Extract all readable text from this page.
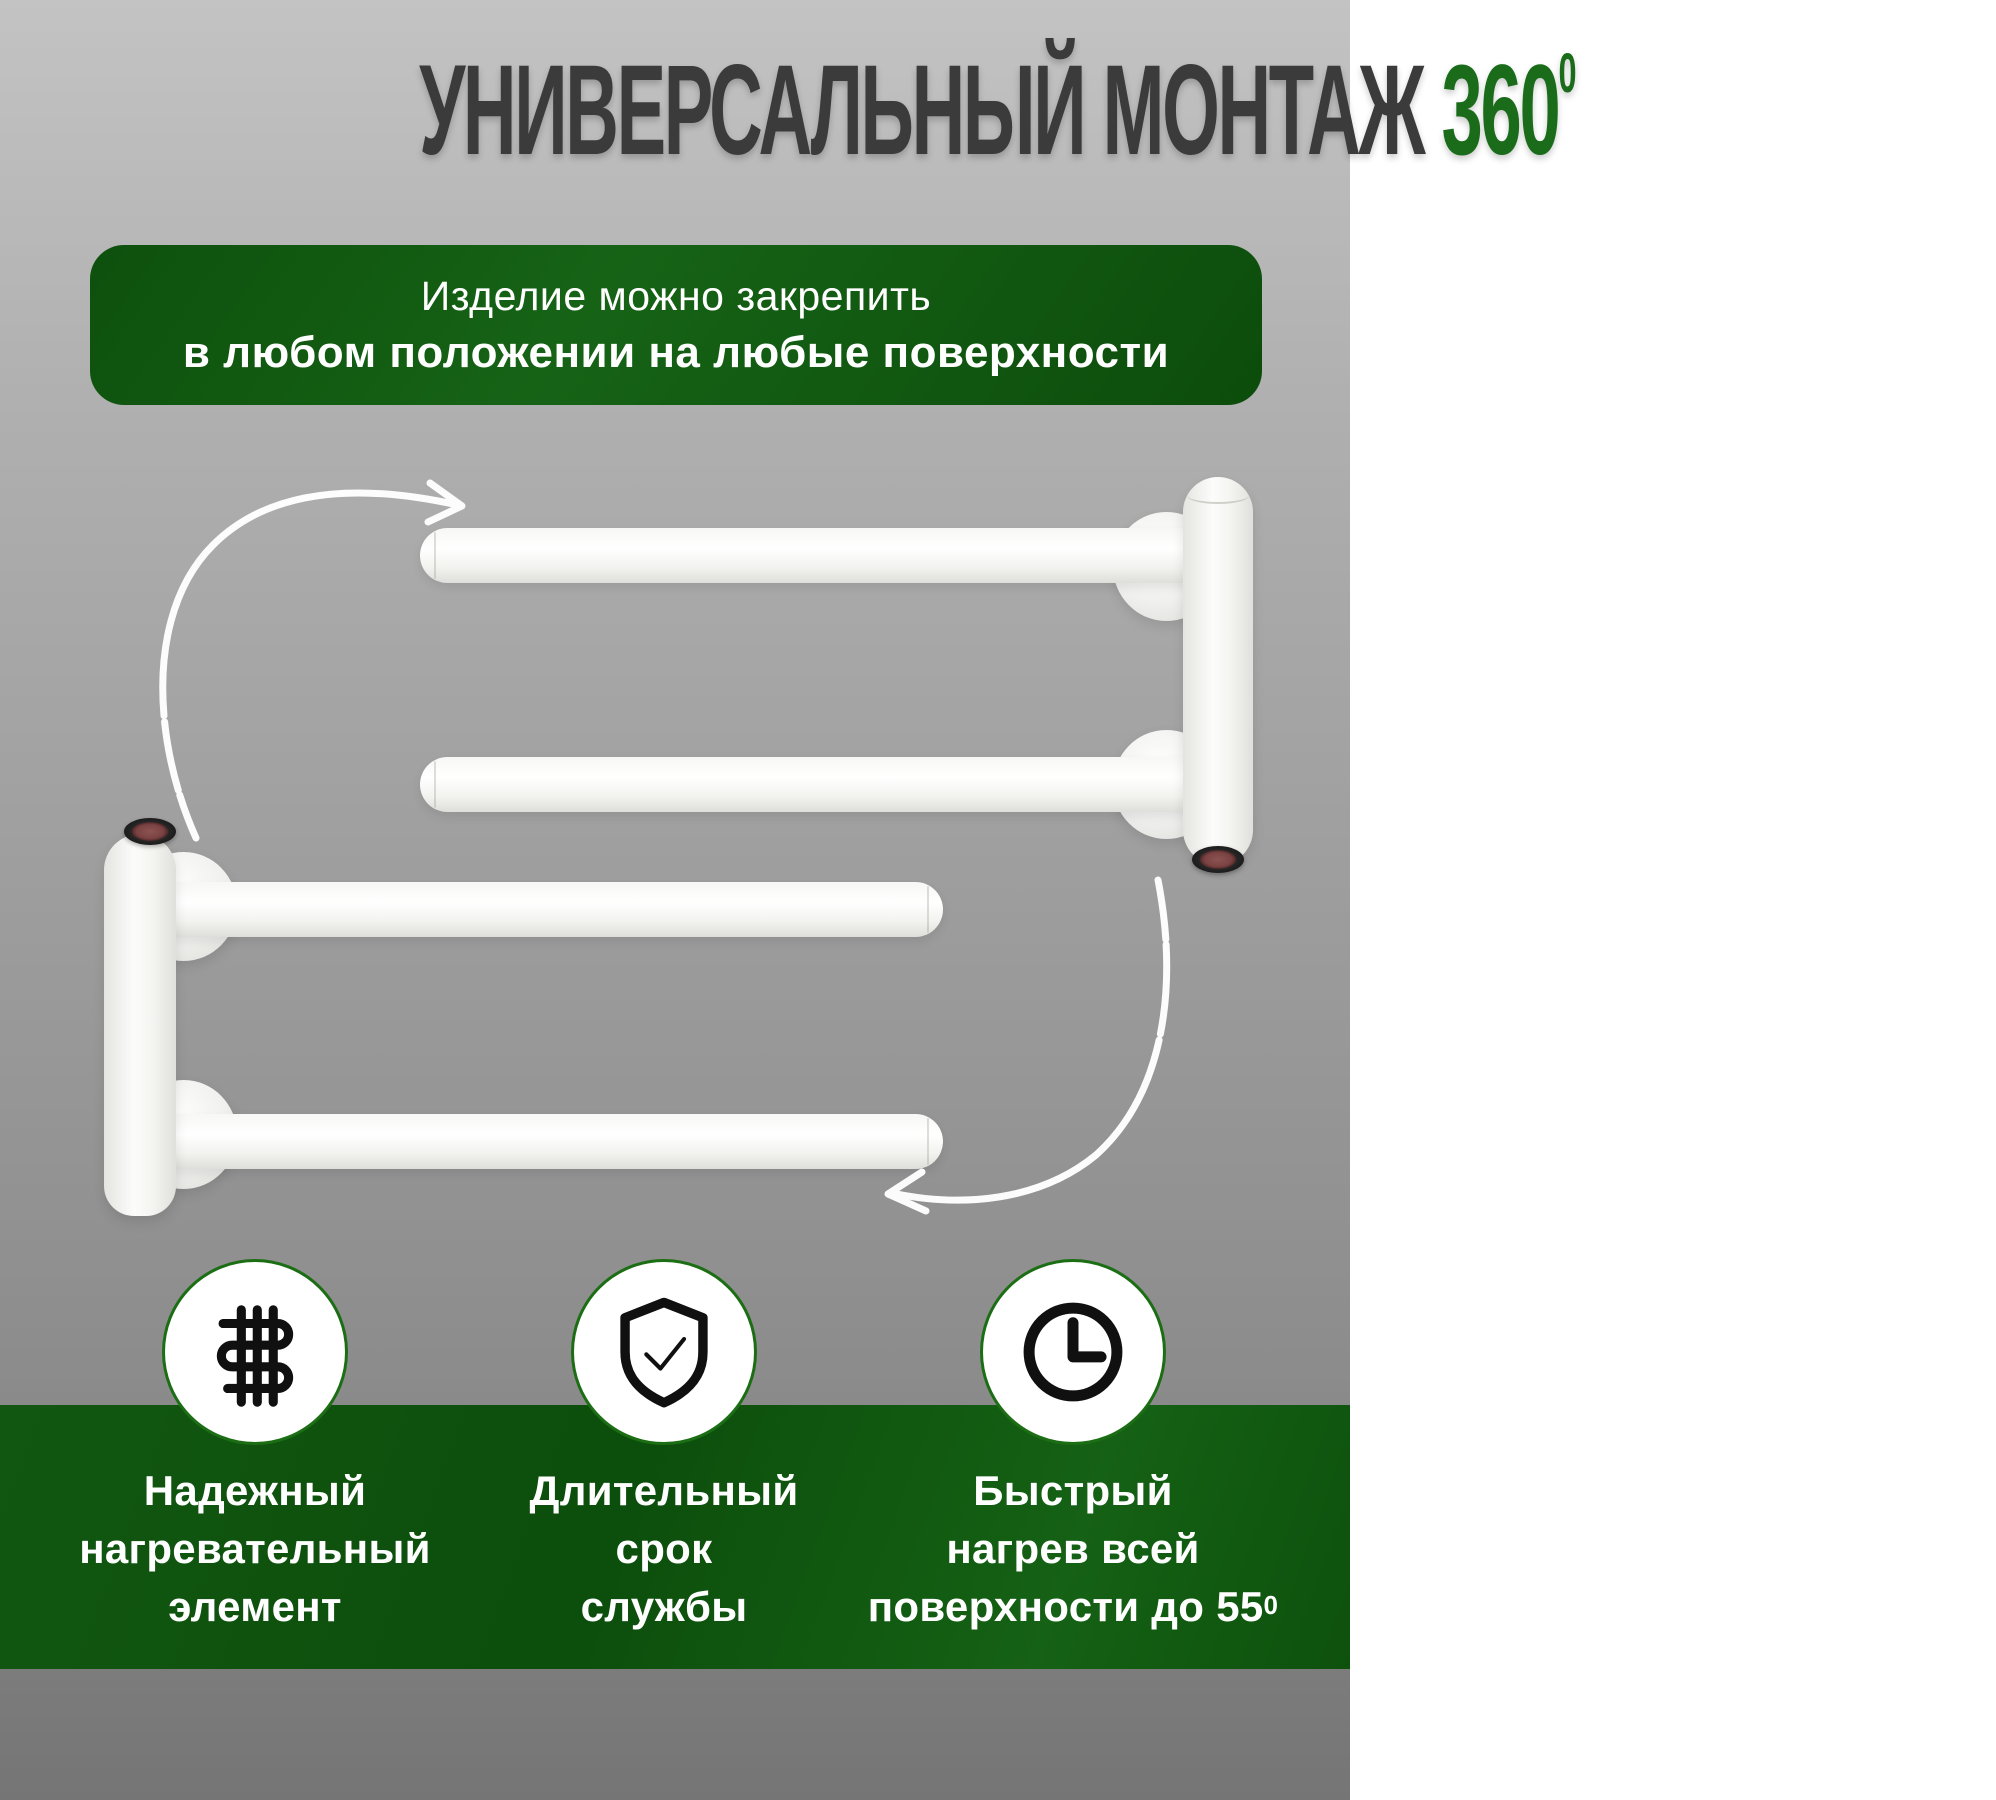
УНИВЕРСАЛЬНЫЙ МОНТАЖ $360^0$
Изделие можно закрепить
в любом положении на любые поверхности
Надежный
нагревательный
элемент
Длительный
срок
службы
Быстрый
нагрев всей
поверхности до $55^0$
